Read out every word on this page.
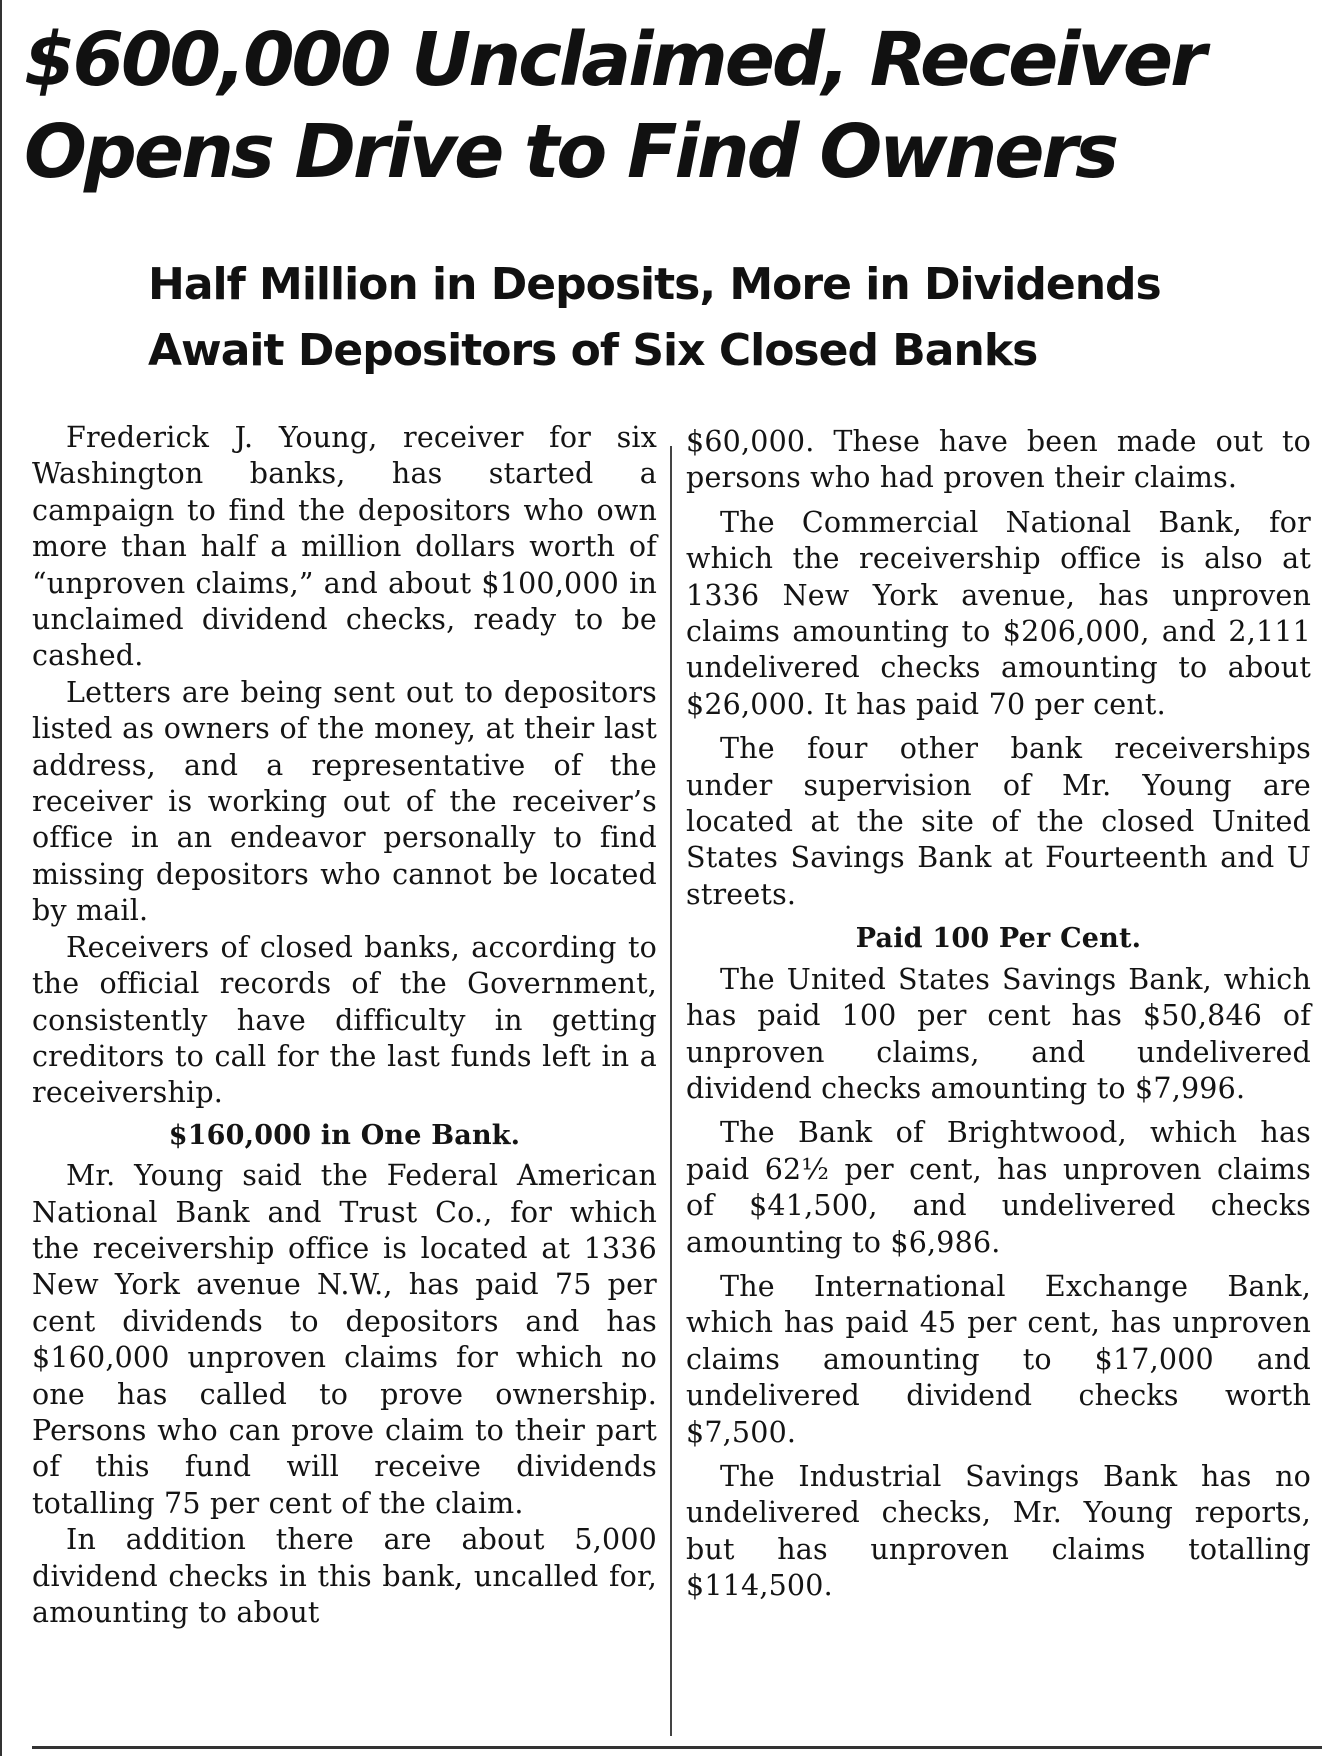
$600,000 Unclaimed, Receiver
Opens Drive to Find Owners
Half Million in Deposits, More in Dividends
Await Depositors of Six Closed Banks

Frederick J. Young, receiver for six Washington banks, has started a campaign to find the depositors who own more than half a million dollars worth of “unproven claims,” and about $100,000 in unclaimed dividend checks, ready to be cashed.

Letters are being sent out to depositors listed as owners of the money, at their last address, and a representative of the receiver is working out of the receiver’s office in an endeavor personally to find missing depositors who cannot be located by mail.

Receivers of closed banks, according to the official records of the Government, consistently have difficulty in getting creditors to call for the last funds left in a receivership.

$160,000 in One Bank.

Mr. Young said the Federal American National Bank and Trust Co., for which the receivership office is located at 1336 New York avenue N.W., has paid 75 per cent dividends to depositors and has $160,000 unproven claims for which no one has called to prove ownership. Persons who can prove claim to their part of this fund will receive dividends totalling 75 per cent of the claim.

In addition there are about 5,000 dividend checks in this bank, uncalled for, amounting to about

$60,000. These have been made out to persons who had proven their claims.

The Commercial National Bank, for which the receivership office is also at 1336 New York avenue, has unproven claims amounting to $206,000, and 2,111 undelivered checks amounting to about $26,000. It has paid 70 per cent.

The four other bank receiverships under supervision of Mr. Young are located at the site of the closed United States Savings Bank at Fourteenth and U streets.

Paid 100 Per Cent.

The United States Savings Bank, which has paid 100 per cent has $50,846 of unproven claims, and undelivered dividend checks amounting to $7,996.

The Bank of Brightwood, which has paid 62½ per cent, has unproven claims of $41,500, and undelivered checks amounting to $6,986.

The International Exchange Bank, which has paid 45 per cent, has unproven claims amounting to $17,000 and undelivered dividend checks worth $7,500.

The Industrial Savings Bank has no undelivered checks, Mr. Young reports, but has unproven claims totalling $114,500.
